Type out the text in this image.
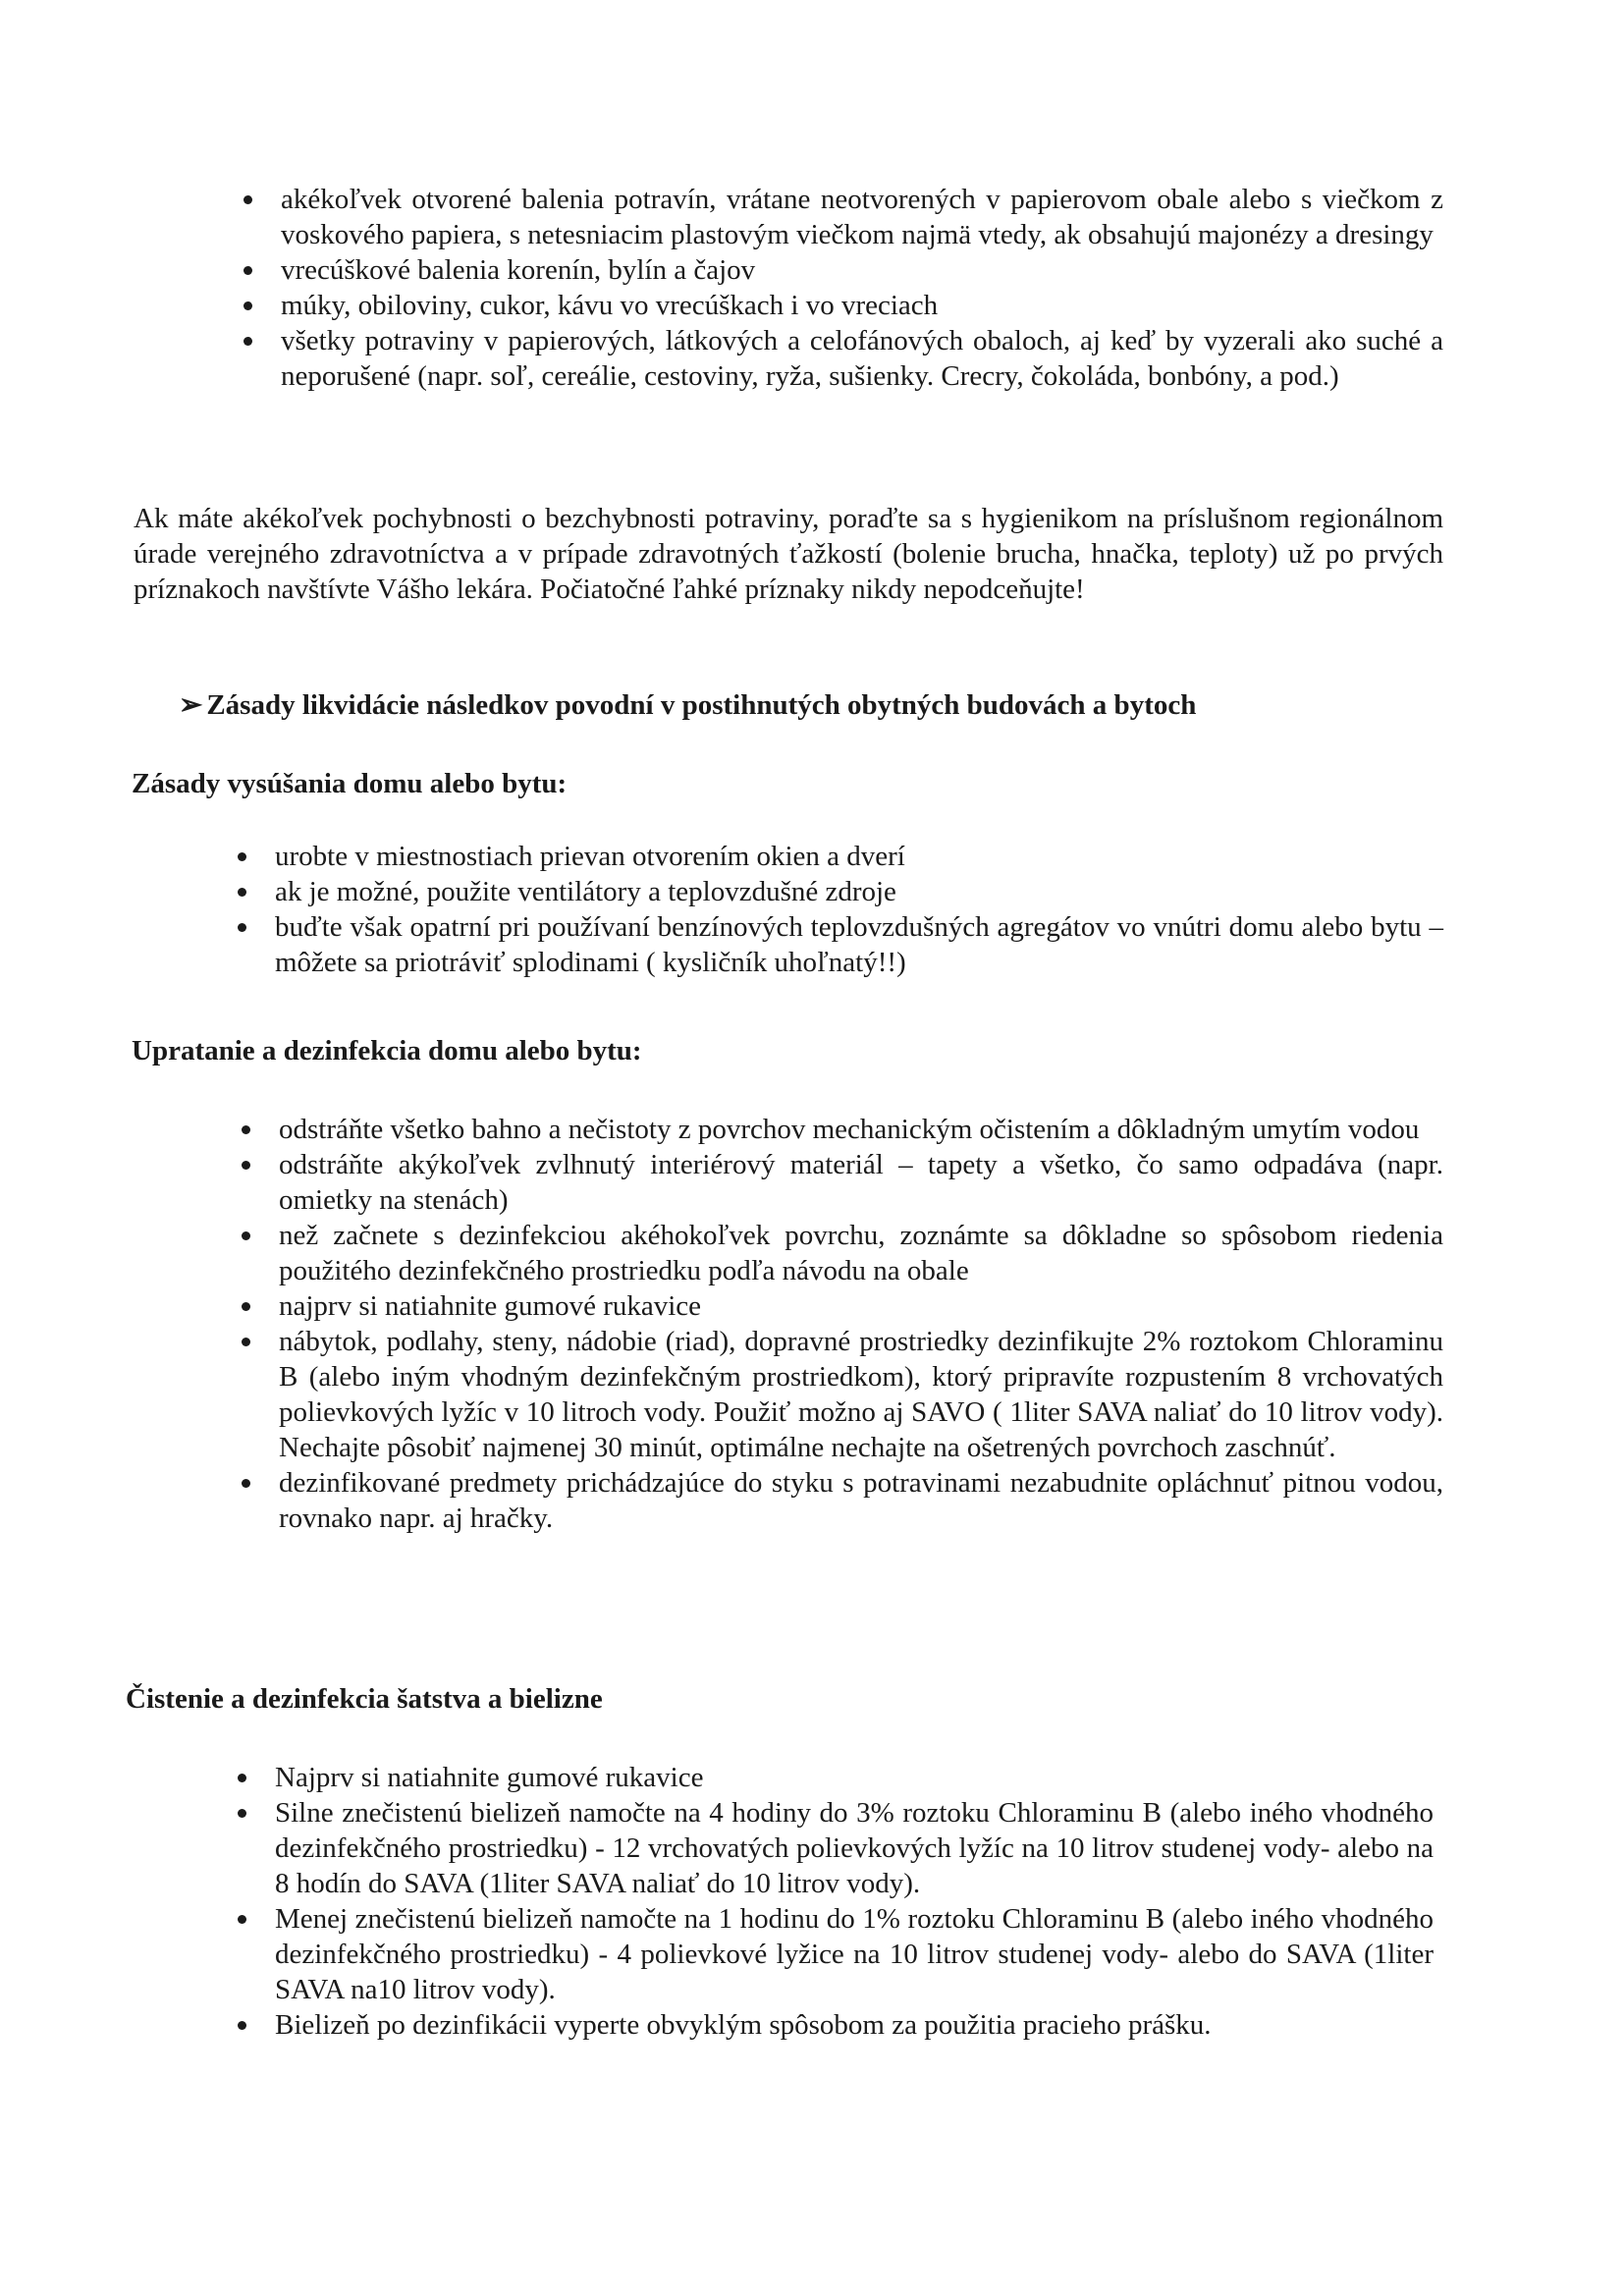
akékoľvek otvorené balenia potravín, vrátane neotvorených v papierovom obale alebo s viečkom z voskového papiera, s netesniacim plastovým viečkom najmä vtedy, ak obsahujú majonézy a dresingy
vrecúškové balenia korenín, bylín a čajov
múky, obiloviny, cukor, kávu vo vrecúškach i vo vreciach
všetky potraviny v papierových, látkových a celofánových obaloch, aj keď by vyzerali ako suché a neporušené (napr. soľ, cereálie, cestoviny, ryža, sušienky. Crecry, čokoláda, bonbóny, a pod.)
Ak máte akékoľvek pochybnosti o bezchybnosti potraviny, poraďte sa s hygienikom na príslušnom regionálnom úrade verejného zdravotníctva a v prípade zdravotných ťažkostí (bolenie brucha, hnačka, teploty) už po prvých príznakoch navštívte Vášho lekára. Počiatočné ľahké príznaky nikdy nepodceňujte!
➢ Zásady likvidácie následkov povodní v postihnutých obytných budovách a bytoch
Zásady vysúšania domu alebo bytu:
urobte v miestnostiach prievan otvorením okien a dverí
ak je možné, použite ventilátory a teplovzdušné zdroje
buďte však opatrní pri používaní benzínových teplovzdušných agregátov vo vnútri domu alebo bytu – môžete sa priotráviť splodinami ( kysličník uhoľnatý!!)
Upratanie a dezinfekcia domu alebo bytu:
odstráňte všetko bahno a nečistoty z povrchov mechanickým očistením a dôkladným umytím vodou
odstráňte akýkoľvek zvlhnutý interiérový materiál – tapety a všetko, čo samo odpadáva (napr. omietky na stenách)
než začnete s dezinfekciou akéhokoľvek povrchu, zoznámte sa dôkladne so spôsobom riedenia použitého dezinfekčného prostriedku podľa návodu na obale
najprv si natiahnite gumové rukavice
nábytok, podlahy, steny, nádobie (riad), dopravné prostriedky dezinfikujte 2% roztokom Chloraminu B (alebo iným vhodným dezinfekčným prostriedkom), ktorý pripravíte rozpustením 8 vrchovatých polievkových lyžíc v 10 litroch vody. Použiť možno aj SAVO ( 1liter SAVA naliať do 10 litrov vody). Nechajte pôsobiť najmenej 30 minút, optimálne nechajte na ošetrených povrchoch zaschnúť.
dezinfikované predmety prichádzajúce do styku s potravinami nezabudnite opláchnuť pitnou vodou, rovnako napr. aj hračky.
Čistenie a dezinfekcia šatstva a bielizne
Najprv si natiahnite gumové rukavice
Silne znečistenú bielizeň namočte na 4 hodiny do 3% roztoku Chloraminu B (alebo iného vhodného dezinfekčného prostriedku) - 12 vrchovatých polievkových lyžíc na 10 litrov studenej vody- alebo na 8 hodín do SAVA (1liter SAVA naliať do 10 litrov vody).
Menej znečistenú bielizeň namočte na 1 hodinu do 1% roztoku Chloraminu B (alebo iného vhodného dezinfekčného prostriedku) - 4 polievkové lyžice na 10 litrov studenej vody- alebo do SAVA (1liter SAVA na10 litrov vody).
Bielizeň po dezinfikácii vyperte obvyklým spôsobom za použitia pracieho prášku.
